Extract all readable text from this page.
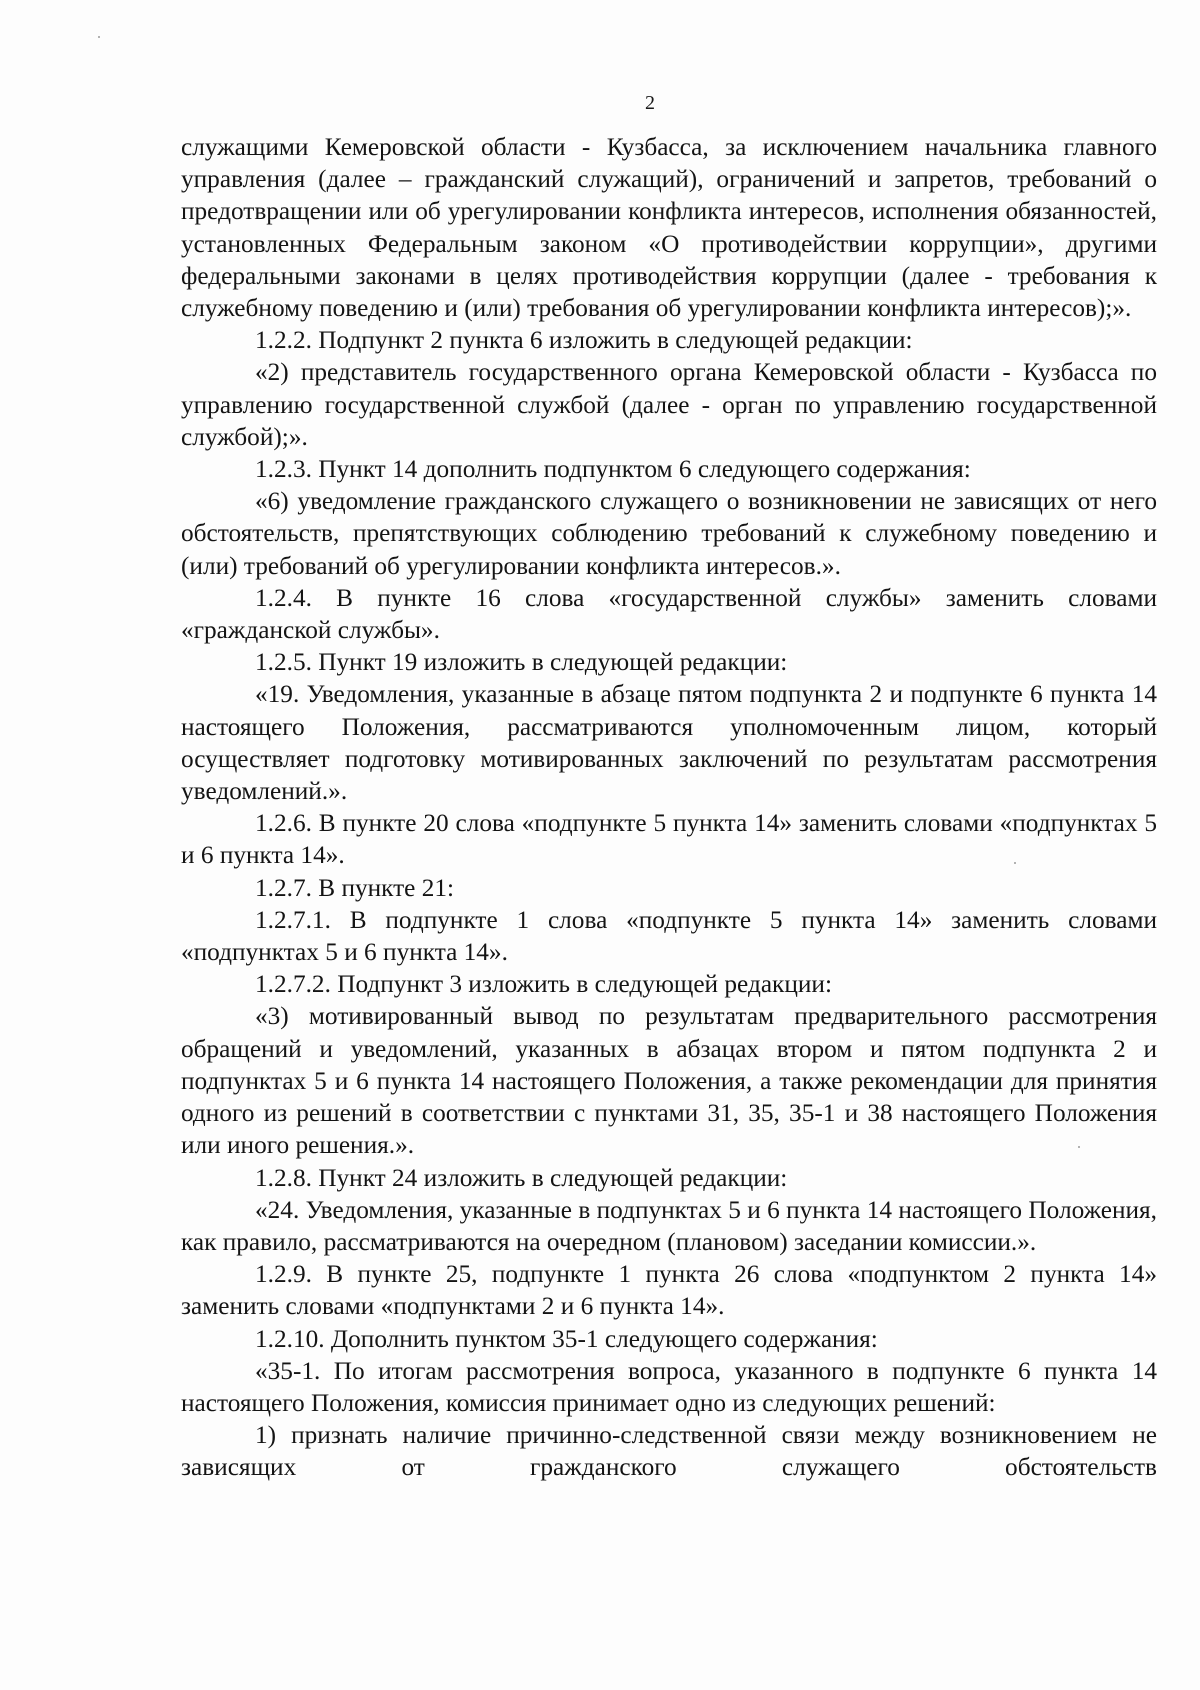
2

служащими Кемеровской области - Кузбасса, за исключением начальника главного управления (далее – гражданский служащий), ограничений и запретов, требований о предотвращении или об урегулировании конфликта интересов, исполнения обязанностей, установленных Федеральным законом «О противодействии коррупции», другими федеральными законами в целях противодействия коррупции (далее - требования к служебному поведению и (или) требования об урегулировании конфликта интересов);».

1.2.2. Подпункт 2 пункта 6 изложить в следующей редакции:

«2) представитель государственного органа Кемеровской области - Кузбасса по управлению государственной службой (далее - орган по управлению государственной службой);».

1.2.3. Пункт 14 дополнить подпунктом 6 следующего содержания:

«6) уведомление гражданского служащего о возникновении не зависящих от него обстоятельств, препятствующих соблюдению требований к служебному поведению и (или) требований об урегулировании конфликта интересов.».

1.2.4. В пункте 16 слова «государственной службы» заменить словами «гражданской службы».

1.2.5. Пункт 19 изложить в следующей редакции:

«19. Уведомления, указанные в абзаце пятом подпункта 2 и подпункте 6 пункта 14 настоящего Положения, рассматриваются уполномоченным лицом, который осуществляет подготовку мотивированных заключений по результатам рассмотрения уведомлений.».

1.2.6. В пункте 20 слова «подпункте 5 пункта 14» заменить словами «подпунктах 5 и 6 пункта 14».

1.2.7. В пункте 21:

1.2.7.1. В подпункте 1 слова «подпункте 5 пункта 14» заменить словами «подпунктах 5 и 6 пункта 14».

1.2.7.2. Подпункт 3 изложить в следующей редакции:

«3) мотивированный вывод по результатам предварительного рассмотрения обращений и уведомлений, указанных в абзацах втором и пятом подпункта 2 и подпунктах 5 и 6 пункта 14 настоящего Положения, а также рекомендации для принятия одного из решений в соответствии с пунктами 31, 35, 35-1 и 38 настоящего Положения или иного решения.».

1.2.8. Пункт 24 изложить в следующей редакции:

«24. Уведомления, указанные в подпунктах 5 и 6 пункта 14 настоящего Положения, как правило, рассматриваются на очередном (плановом) заседании комиссии.».

1.2.9. В пункте 25, подпункте 1 пункта 26 слова «подпунктом 2 пункта 14» заменить словами «подпунктами 2 и 6 пункта 14».

1.2.10. Дополнить пунктом 35-1 следующего содержания:

«35-1. По итогам рассмотрения вопроса, указанного в подпункте 6 пункта 14 настоящего Положения, комиссия принимает одно из следующих решений:

1) признать наличие причинно-следственной связи между возникновением не зависящих от гражданского служащего обстоятельств
